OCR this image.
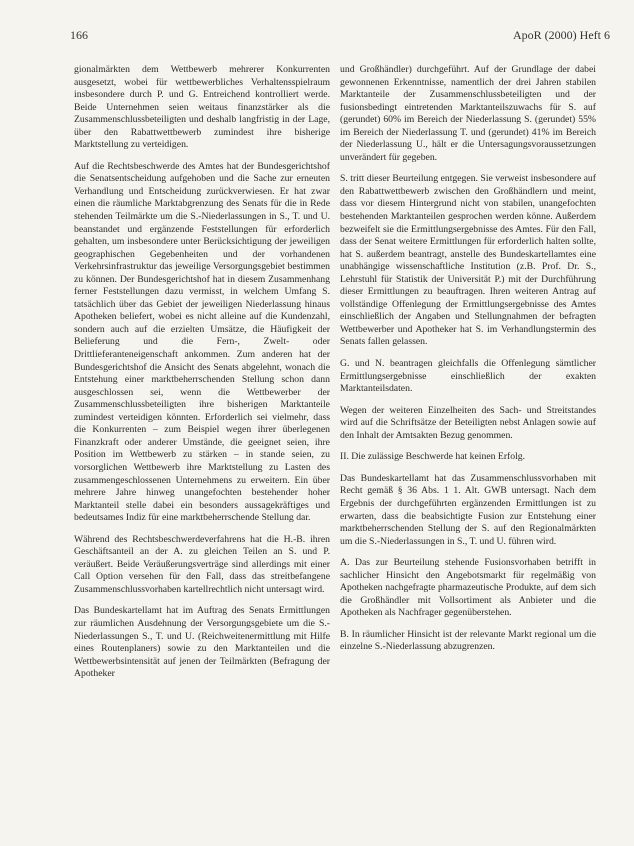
166	ApoR (2000) Heft 6

gionalmärkten dem Wettbewerb mehrerer Konkurrenten ausgesetzt, wobei für wettbewerbliches Verhaltensspielraum insbesondere durch P. und G. Entreichend kontrolliert werde. Beide Unternehmen seien weitaus finanzstärker als die Zusammenschlussbeteiligten und deshalb langfristig in der Lage, über den Rabattwettbewerb zumindest ihre bisherige Marktstellung zu verteidigen.

Auf die Rechtsbeschwerde des Amtes hat der Bundesgerichtshof die Senatsentscheidung aufgehoben und die Sache zur erneuten Verhandlung und Entscheidung zurückverwiesen. Er hat zwar einen die räumliche Marktabgrenzung des Senats für die in Rede stehenden Teilmärkte um die S.-Niederlassungen in S., T. und U. beanstandet und ergänzende Feststellungen für erforderlich gehalten, um insbesondere unter Berücksichtigung der jeweiligen geographischen Gegebenheiten und der vorhandenen Verkehrsinfrastruktur das jeweilige Versorgungsgebiet bestimmen zu können. Der Bundesgerichtshof hat in diesem Zusammenhang ferner Feststellungen dazu vermisst, in welchem Umfang S. tatsächlich über das Gebiet der jeweiligen Niederlassung hinaus Apotheken beliefert, wobei es nicht alleine auf die Kundenzahl, sondern auch auf die erzielten Umsätze, die Häufigkeit der Belieferung und die Fern-, Zwelt- oder Drittlieferanteneigenschaft ankommen. Zum anderen hat der Bundesgerichtshof die Ansicht des Senats abgelehnt, wonach die Entstehung einer marktbeherrschenden Stellung schon dann ausgeschlossen sei, wenn die Wettbewerber der Zusammenschlussbeteiligten ihre bisherigen Marktanteile zumindest verteidigen könnten. Erforderlich sei vielmehr, dass die Konkurrenten – zum Beispiel wegen ihrer überlegenen Finanzkraft oder anderer Umstände, die geeignet seien, ihre Position im Wettbewerb zu stärken – in stande seien, zu vorsorglichen Wettbewerb ihre Marktstellung zu Lasten des zusammengeschlossenen Unternehmens zu erweitern. Ein über mehrere Jahre hinweg unangefochten bestehender hoher Marktanteil stelle dabei ein besonders aussagekräftiges und bedeutsames Indiz für eine marktbeherrschende Stellung dar.

Während des Rechtsbeschwerdeverfahrens hat die H.-B. ihren Geschäftsanteil an der A. zu gleichen Teilen an S. und P. veräußert. Beide Veräußerungsverträge sind allerdings mit einer Call Option versehen für den Fall, dass das streitbefangene Zusammenschlussvorhaben kartellrechtlich nicht untersagt wird.

Das Bundeskartellamt hat im Auftrag des Senats Ermittlungen zur räumlichen Ausdehnung der Versorgungsgebiete um die S.-Niederlassungen S., T. und U. (Reichweitenermittlung mit Hilfe eines Routenplaners) sowie zu den Marktanteilen und die Wettbewerbsintensität auf jenen der Teilmärkten (Befragung der Apotheker

und Großhändler) durchgeführt. Auf der Grundlage der dabei gewonnenen Erkenntnisse, namentlich der drei Jahren stabilen Marktanteile der Zusammenschlussbeteiligten und der fusionsbedingt eintretenden Marktanteilszuwachs für S. auf (gerundet) 60% im Bereich der Niederlassung S. (gerundet) 55% im Bereich der Niederlassung T. und (gerundet) 41% im Bereich der Niederlassung U., hält er die Untersagungsvoraussetzungen unverändert für gegeben.

S. tritt dieser Beurteilung entgegen. Sie verweist insbesondere auf den Rabattwettbewerb zwischen den Großhändlern und meint, dass vor diesem Hintergrund nicht von stabilen, unangefochten bestehenden Marktanteilen gesprochen werden könne. Außerdem bezweifelt sie die Ermittlungsergebnisse des Amtes. Für den Fall, dass der Senat weitere Ermittlungen für erforderlich halten sollte, hat S. außerdem beantragt, anstelle des Bundeskartellamtes eine unabhängige wissenschaftliche Institution (z.B. Prof. Dr. S., Lehrstuhl für Statistik der Universität P.) mit der Durchführung dieser Ermittlungen zu beauftragen. Ihren weiteren Antrag auf vollständige Offenlegung der Ermittlungsergebnisse des Amtes einschließlich der Angaben und Stellungnahmen der befragten Wettbewerber und Apotheker hat S. im Verhandlungstermin des Senats fallen gelassen.

G. und N. beantragen gleichfalls die Offenlegung sämtlicher Ermittlungsergebnisse einschließlich der exakten Marktanteilsdaten.

Wegen der weiteren Einzelheiten des Sach- und Streitstandes wird auf die Schriftsätze der Beteiligten nebst Anlagen sowie auf den Inhalt der Amtsakten Bezug genommen.

II. Die zulässige Beschwerde hat keinen Erfolg.

Das Bundeskartellamt hat das Zusammenschlussvorhaben mit Recht gemäß § 36 Abs. 1 1. Alt. GWB untersagt. Nach dem Ergebnis der durchgeführten ergänzenden Ermittlungen ist zu erwarten, dass die beabsichtigte Fusion zur Entstehung einer marktbeherrschenden Stellung der S. auf den Regionalmärkten um die S.-Niederlassungen in S., T. und U. führen wird.

A. Das zur Beurteilung stehende Fusionsvorhaben betrifft in sachlicher Hinsicht den Angebotsmarkt für regelmäßig von Apotheken nachgefragte pharmazeutische Produkte, auf dem sich die Großhändler mit Vollsortiment als Anbieter und die Apotheken als Nachfrager gegenüberstehen.

B. In räumlicher Hinsicht ist der relevante Markt regional um die einzelne S.-Niederlassung abzugrenzen.
